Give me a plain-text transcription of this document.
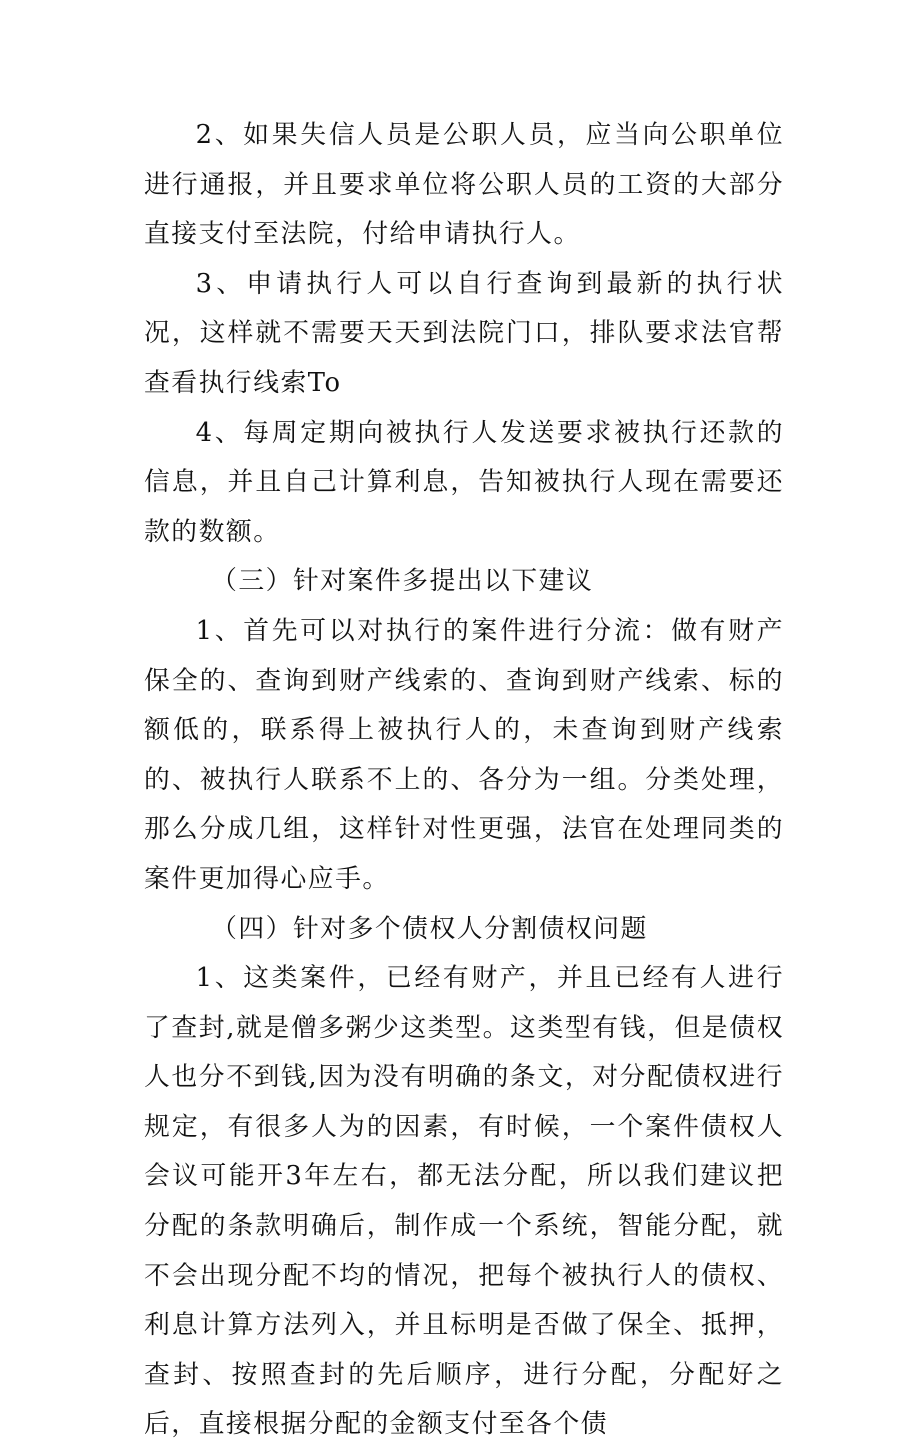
2、如果失信人员是公职人员，应当向公职单位进行通报，并且要求单位将公职人员的工资的大部分直接支付至法院，付给申请执行人。

3、申请执行人可以自行查询到最新的执行状况，这样就不需要天天到法院门口，排队要求法官帮查看执行线索To

4、每周定期向被执行人发送要求被执行还款的信息，并且自己计算利息，告知被执行人现在需要还款的数额。

（三）针对案件多提出以下建议

1、首先可以对执行的案件进行分流：做有财产保全的、查询到财产线索的、查询到财产线索、标的额低的，联系得上被执行人的，未查询到财产线索的、被执行人联系不上的、各分为一组。分类处理，那么分成几组，这样针对性更强，法官在处理同类的案件更加得心应手。

（四）针对多个债权人分割债权问题

1、这类案件，已经有财产，并且已经有人进行了查封,就是僧多粥少这类型。这类型有钱，但是债权人也分不到钱,因为没有明确的条文，对分配债权进行规定，有很多人为的因素，有时候，一个案件债权人会议可能开3年左右，都无法分配，所以我们建议把分配的条款明确后，制作成一个系统，智能分配，就不会出现分配不均的情况，把每个被执行人的债权、利息计算方法列入，并且标明是否做了保全、抵押，查封、按照查封的先后顺序，进行分配，分配好之后，直接根据分配的金额支付至各个债
